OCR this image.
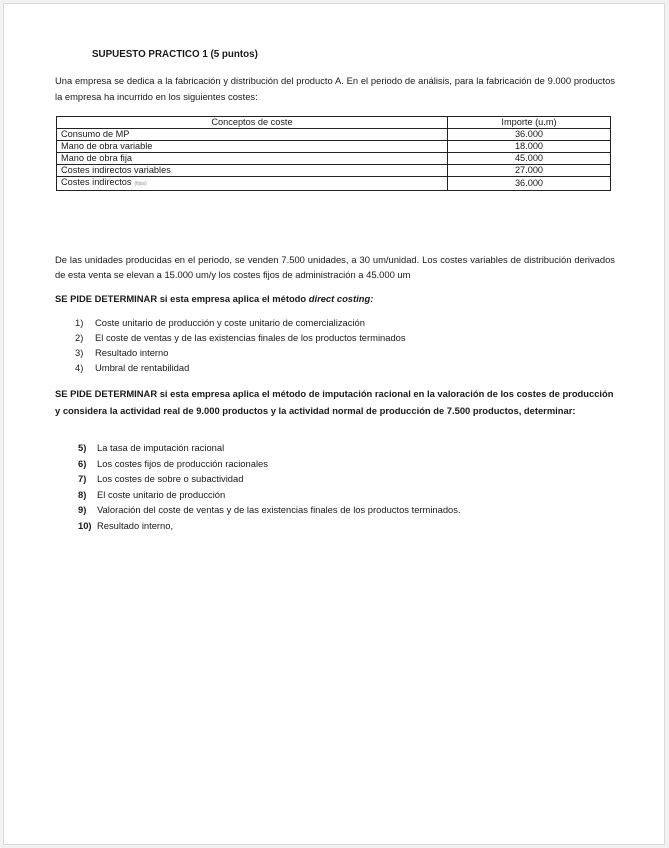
SUPUESTO PRACTICO 1 (5 puntos)
Una empresa se dedica a la fabricación y distribución del producto A. En el periodo de análisis, para la fabricación de 9.000 productos la empresa ha incurrido en los siguientes costes:
Conceptos de coste	Importe (u.m)
Consumo de MP	36.000
Mano de obra variable	18.000
Mano de obra fija	45.000
Costes indirectos variables	27.000
Costes indirectos (fijos)	36.000
De las unidades producidas en el periodo, se venden 7.500 unidades, a 30 um/unidad. Los costes variables de distribución derivados de esta venta se elevan a 15.000 um/y los costes fijos de administración a 45.000 um
SE PIDE DETERMINAR si esta empresa aplica el método direct costing:
1) Coste unitario de producción y coste unitario de comercialización
2) El coste de ventas y de las existencias finales de los productos terminados
3) Resultado interno
4) Umbral de rentabilidad
SE PIDE DETERMINAR si esta empresa aplica el método de imputación racional en la valoración de los costes de producción y considera la actividad real de 9.000 productos y la actividad normal de producción de 7.500 productos, determinar:
5) La tasa de imputación racional
6) Los costes fijos de producción racionales
7) Los costes de sobre o subactividad
8) El coste unitario de producción
9) Valoración del coste de ventas y de las existencias finales de los productos terminados.
10) Resultado interno,
